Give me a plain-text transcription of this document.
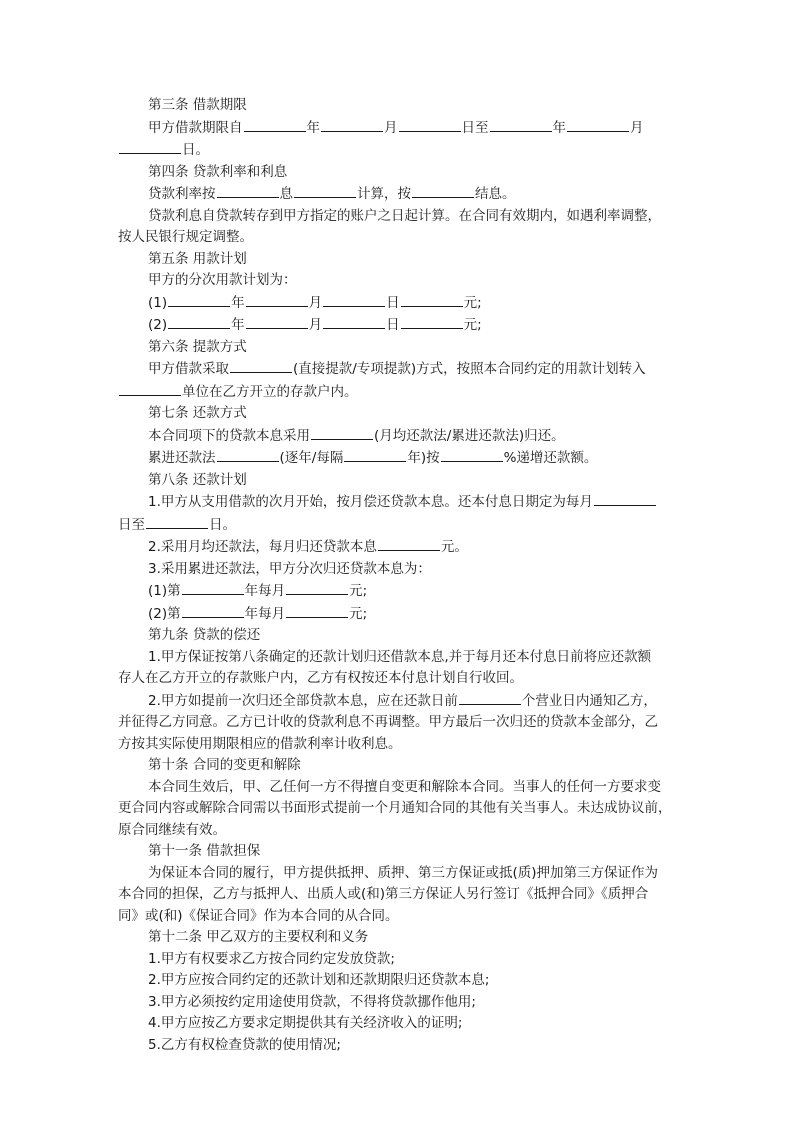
第三条 借款期限
甲方借款期限自	年	月	日至	年	月
日。
第四条 贷款利率和利息
贷款利率按	息	计算，按	结息。
贷款利息自贷款转存到甲方指定的账户之日起计算。在合同有效期内，如遇利率调整，
按人民银行规定调整。
第五条 用款计划
甲方的分次用款计划为：
(1)	年	月	日	元;
(2)	年	月	日	元;
第六条 提款方式
甲方借款采取	(直接提款/专项提款)方式，按照本合同约定的用款计划转入
单位在乙方开立的存款户内。
第七条 还款方式
本合同项下的贷款本息采用	(月均还款法/累进还款法)归还。
累进还款法	(逐年/每隔	年)按	%递增还款额。
第八条 还款计划
1.甲方从支用借款的次月开始，按月偿还贷款本息。还本付息日期定为每月
日至	日。
2.采用月均还款法，每月归还贷款本息	元。
3.采用累进还款法，甲方分次归还贷款本息为：
(1)第	年每月	元;
(2)第	年每月	元;
第九条 贷款的偿还
1.甲方保证按第八条确定的还款计划归还借款本息,并于每月还本付息日前将应还款额
存人在乙方开立的存款账户内，乙方有权按还本付息计划自行收回。
2.甲方如提前一次归还全部贷款本息，应在还款日前	个营业日内通知乙方，
并征得乙方同意。乙方已计收的贷款利息不再调整。甲方最后一次归还的贷款本金部分，乙
方按其实际使用期限相应的借款利率计收利息。
第十条 合同的变更和解除
本合同生效后，甲、乙任何一方不得擅自变更和解除本合同。当事人的任何一方要求变
更合同内容或解除合同需以书面形式提前一个月通知合同的其他有关当事人。未达成协议前，
原合同继续有效。
第十一条 借款担保
为保证本合同的履行，甲方提供抵押、质押、第三方保证或抵(质)押加第三方保证作为
本合同的担保，乙方与抵押人、出质人或(和)第三方保证人另行签订《抵押合同》《质押合
同》或(和)《保证合同》作为本合同的从合同。
第十二条 甲乙双方的主要权利和义务
1.甲方有权要求乙方按合同约定发放贷款;
2.甲方应按合同约定的还款计划和还款期限归还贷款本息;
3.甲方必须按约定用途使用贷款，不得将贷款挪作他用;
4.甲方应按乙方要求定期提供其有关经济收入的证明;
5.乙方有权检查贷款的使用情况;
